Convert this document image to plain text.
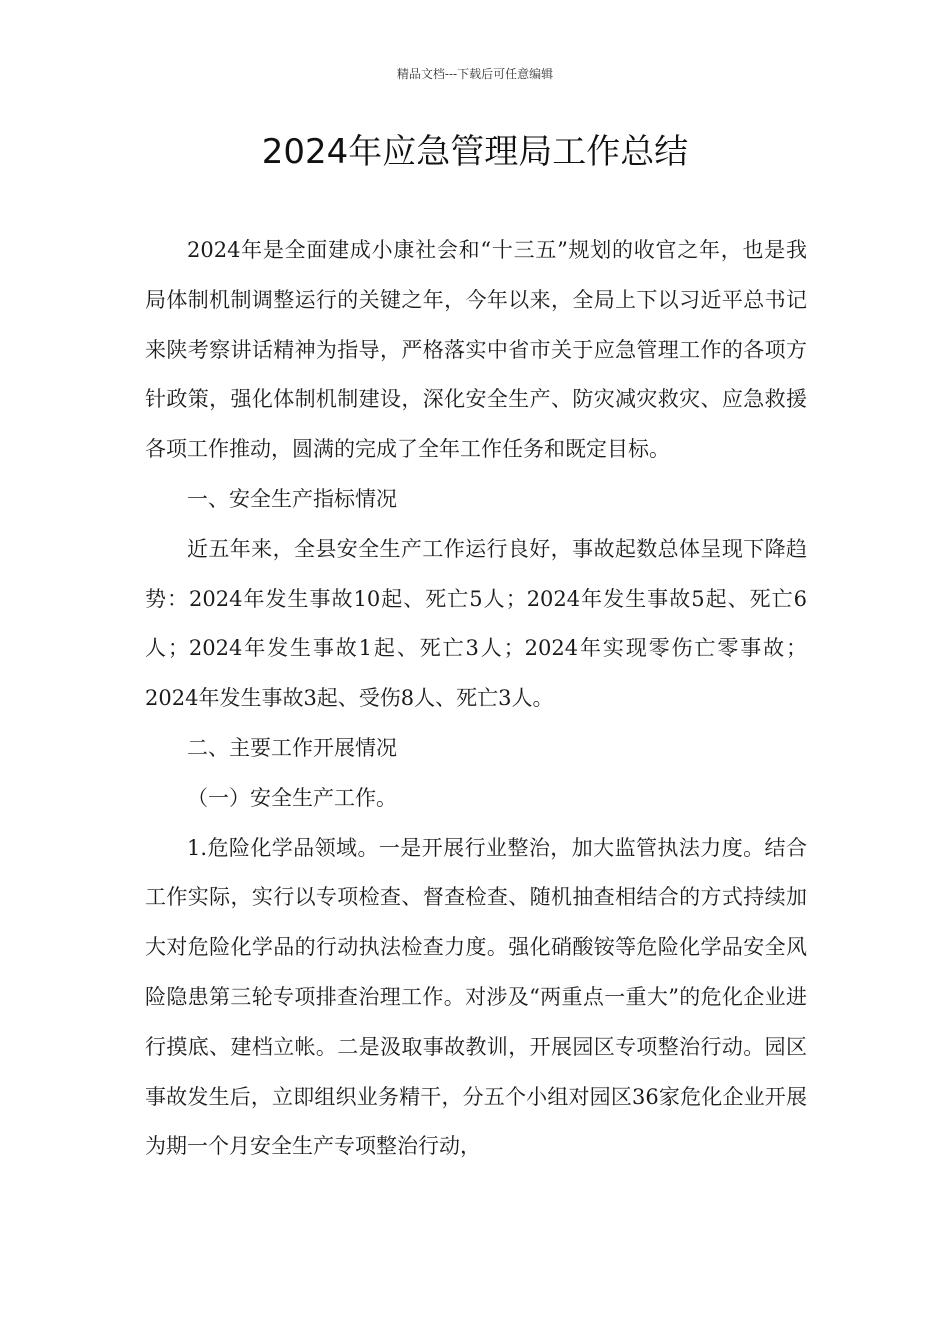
精品文档---下载后可任意编辑
2024年应急管理局工作总结

2024年是全面建成小康社会和“十三五”规划的收官之年，也是我局体制机制调整运行的关键之年，今年以来，全局上下以习近平总书记来陕考察讲话精神为指导，严格落实中省市关于应急管理工作的各项方针政策，强化体制机制建设，深化安全生产、防灾减灾救灾、应急救援各项工作推动，圆满的完成了全年工作任务和既定目标。

一、安全生产指标情况

近五年来，全县安全生产工作运行良好，事故起数总体呈现下降趋势：2024年发生事故10起、死亡5人；2024年发生事故5起、死亡6人；2024年发生事故1起、死亡3人；2024年实现零伤亡零事故；2024年发生事故3起、受伤8人、死亡3人。

二、主要工作开展情况

（一）安全生产工作。

1.危险化学品领域。一是开展行业整治，加大监管执法力度。结合工作实际，实行以专项检查、督查检查、随机抽查相结合的方式持续加大对危险化学品的行动执法检查力度。强化硝酸铵等危险化学品安全风险隐患第三轮专项排查治理工作。对涉及“两重点一重大”的危化企业进行摸底、建档立帐。二是汲取事故教训，开展园区专项整治行动。园区事故发生后，立即组织业务精干，分五个小组对园区36家危化企业开展为期一个月安全生产专项整治行动，
